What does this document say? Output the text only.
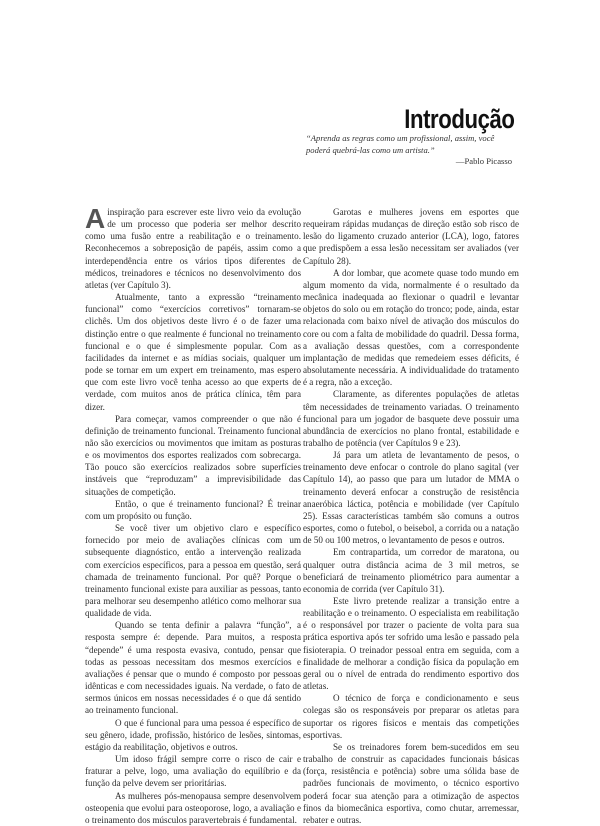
Introdução
“Aprenda as regras como um profissional, assim, você poderá quebrá-las como um artista.”
—Pablo Picasso

Ainspiração para escrever este livro veio da evolução de um processo que poderia ser melhor descrito como uma fusão entre a reabilitação e o treinamento. Reconhecemos a sobreposição de papéis, assim como a interdependência entre os vários tipos diferentes de médicos, treinadores e técnicos no desenvolvimento dos atletas (ver Capítulo 3).

Atualmente, tanto a expressão “treinamento funcional” como “exercícios corretivos” tornaram-se clichês. Um dos objetivos deste livro é o de fazer uma distinção entre o que realmente é funcional no treinamento funcional e o que é simplesmente popular. Com as facilidades da internet e as mídias sociais, qualquer um pode se tornar em um expert em treinamento, mas espero que com este livro você tenha acesso ao que experts de verdade, com muitos anos de prática clínica, têm para dizer.

Para começar, vamos compreender o que não é definição de treinamento funcional. Treinamento funcional não são exercícios ou movimentos que imitam as posturas e os movimentos dos esportes realizados com sobrecarga. Tão pouco são exercícios realizados sobre superfícies instáveis que “reproduzam” a imprevisibilidade das situações de competição.

Então, o que é treinamento funcional? É treinar com um propósito ou função.

Se você tiver um objetivo claro e específico fornecido por meio de avaliações clínicas com um subsequente diagnóstico, então a intervenção realizada com exercícios específicos, para a pessoa em questão, será chamada de treinamento funcional. Por quê? Porque o treinamento funcional existe para auxiliar as pessoas, tanto para melhorar seu desempenho atlético como melhorar sua qualidade de vida.

Quando se tenta definir a palavra “função”, a resposta sempre é: depende. Para muitos, a resposta “depende” é uma resposta evasiva, contudo, pensar que todas as pessoas necessitam dos mesmos exercícios e avaliações é pensar que o mundo é composto por pessoas idênticas e com necessidades iguais. Na verdade, o fato de sermos únicos em nossas necessidades é o que dá sentido ao treinamento funcional.

O que é funcional para uma pessoa é específico de seu gênero, idade, profissão, histórico de lesões, sintomas, estágio da reabilitação, objetivos e outros.

Um idoso frágil sempre corre o risco de cair e fraturar a pelve, logo, uma avaliação do equilíbrio e da função da pelve devem ser prioritárias.

As mulheres pós-menopausa sempre desenvolvem osteopenia que evolui para osteoporose, logo, a avaliação e o treinamento dos músculos paravertebrais é fundamental.

Garotas e mulheres jovens em esportes que requeiram rápidas mudanças de direção estão sob risco de lesão do ligamento cruzado anterior (LCA), logo, fatores que predispõem a essa lesão necessitam ser avaliados (ver Capítulo 28).

A dor lombar, que acomete quase todo mundo em algum momento da vida, normalmente é o resultado da mecânica inadequada ao flexionar o quadril e levantar objetos do solo ou em rotação do tronco; pode, ainda, estar relacionada com baixo nível de ativação dos músculos do core ou com a falta de mobilidade do quadril. Dessa forma, a avaliação dessas questões, com a correspondente implantação de medidas que remedeiem esses déficits, é absolutamente necessária. A individualidade do tratamento é a regra, não a exceção.

Claramente, as diferentes populações de atletas têm necessidades de treinamento variadas. O treinamento funcional para um jogador de basquete deve possuir uma abundância de exercícios no plano frontal, estabilidade e trabalho de potência (ver Capítulos 9 e 23).

Já para um atleta de levantamento de pesos, o treinamento deve enfocar o controle do plano sagital (ver Capítulo 14), ao passo que para um lutador de MMA o treinamento deverá enfocar a construção de resistência anaeróbica láctica, potência e mobilidade (ver Capítulo 25). Essas características também são comuns a outros esportes, como o futebol, o beisebol, a corrida ou a natação de 50 ou 100 metros, o levantamento de pesos e outros.

Em contrapartida, um corredor de maratona, ou qualquer outra distância acima de 3 mil metros, se beneficiará de treinamento pliométrico para aumentar a economia de corrida (ver Capítulo 31).

Este livro pretende realizar a transição entre a reabilitação e o treinamento. O especialista em reabilitação é o responsável por trazer o paciente de volta para sua prática esportiva após ter sofrido uma lesão e passado pela fisioterapia. O treinador pessoal entra em seguida, com a finalidade de melhorar a condição física da população em geral ou o nível de entrada do rendimento esportivo dos atletas.

O técnico de força e condicionamento e seus colegas são os responsáveis por preparar os atletas para suportar os rigores físicos e mentais das competições esportivas.

Se os treinadores forem bem-sucedidos em seu trabalho de construir as capacidades funcionais básicas (força, resistência e potência) sobre uma sólida base de padrões funcionais de movimento, o técnico esportivo poderá focar sua atenção para a otimização de aspectos finos da biomecânica esportiva, como chutar, arremessar, rebater e outras.
